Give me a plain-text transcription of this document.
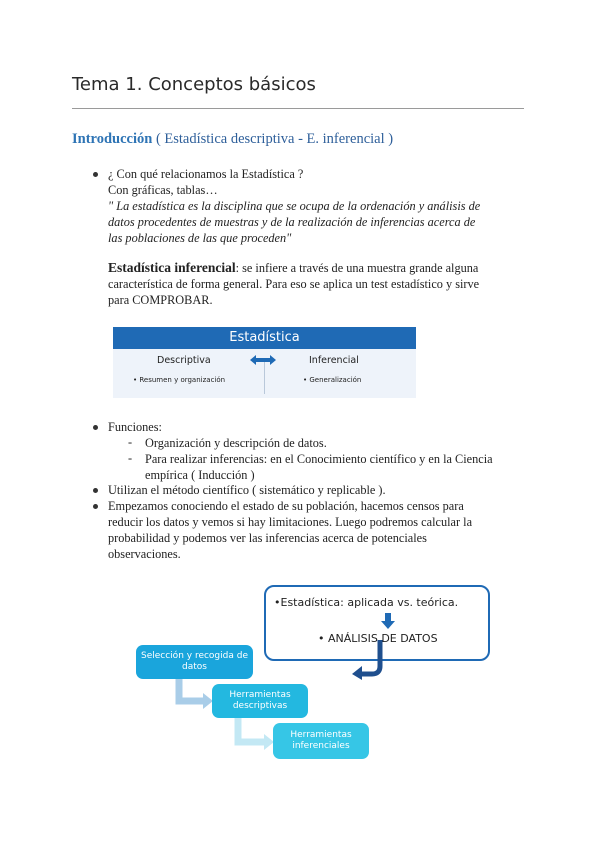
Tema 1. Conceptos básicos
Introducción ( Estadística descriptiva - E. inferencial )
¿ Con qué relacionamos la Estadística ?
Con gráficas, tablas…
" La estadística es la disciplina que se ocupa de la ordenación y análisis de
datos procedentes de muestras y de la realización de inferencias acerca de
las poblaciones de las que proceden"
Estadística inferencial: se infiere a través de una muestra grande alguna
característica de forma general. Para eso se aplica un test estadístico y sirve
para COMPROBAR.
Estadística
Descriptiva	Inferencial
• Resumen y organización	• Generalización
Funciones:
- Organización y descripción de datos.
- Para realizar inferencias: en el Conocimiento científico y en la Ciencia
empírica ( Inducción )
Utilizan el método científico ( sistemático y replicable ).
Empezamos conociendo el estado de su población, hacemos censos para
reducir los datos y vemos si hay limitaciones. Luego podremos calcular la
probabilidad y podemos ver las inferencias acerca de potenciales
observaciones.
•Estadística: aplicada vs. teórica.
• ANÁLISIS DE DATOS
Selección y recogida de datos
Herramientas descriptivas
Herramientas inferenciales
